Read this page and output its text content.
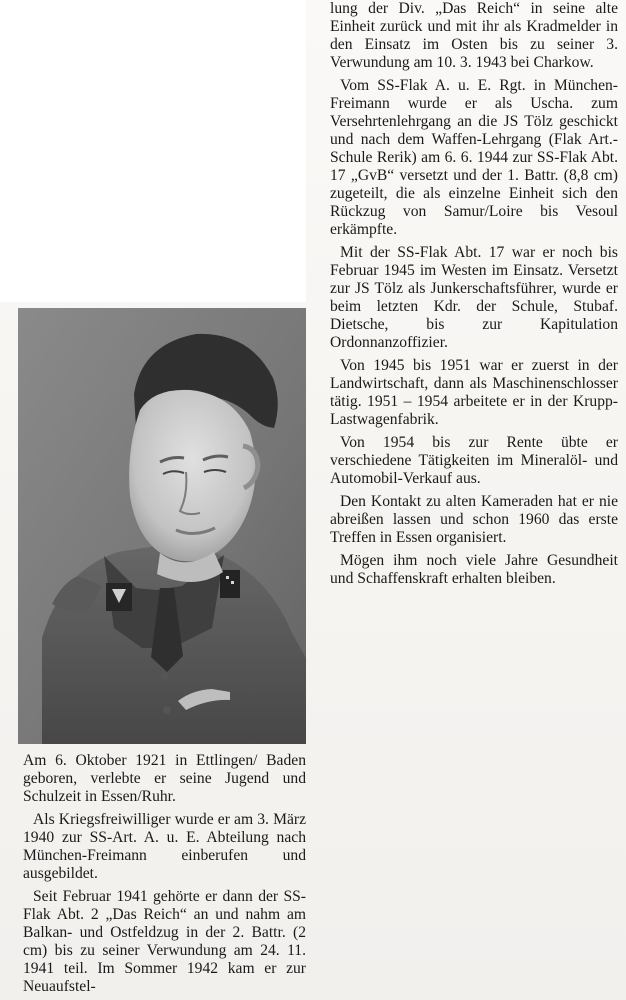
Am 6. Oktober 1921 in Ettlingen/ Baden geboren, verlebte er seine Jugend und Schulzeit in Essen/Ruhr.

Als Kriegsfreiwilliger wurde er am 3. März 1940 zur SS-Art. A. u. E. Abteilung nach München-Freimann einberufen und ausgebildet.

Seit Februar 1941 gehörte er dann der SS-Flak Abt. 2 „Das Reich“ an und nahm am Balkan- und Ostfeldzug in der 2. Battr. (2 cm) bis zu seiner Verwundung am 24. 11. 1941 teil. Im Sommer 1942 kam er zur Neuaufstel-

lung der Div. „Das Reich“ in seine alte Einheit zurück und mit ihr als Kradmelder in den Einsatz im Osten bis zu seiner 3. Verwundung am 10. 3. 1943 bei Charkow.

Vom SS-Flak A. u. E. Rgt. in München-Freimann wurde er als Uscha. zum Versehrtenlehrgang an die JS Tölz geschickt und nach dem Waffen-Lehrgang (Flak Art.-Schule Rerik) am 6. 6. 1944 zur SS-Flak Abt. 17 „GvB“ versetzt und der 1. Battr. (8,8 cm) zugeteilt, die als einzelne Einheit sich den Rückzug von Samur/Loire bis Vesoul erkämpfte.

Mit der SS-Flak Abt. 17 war er noch bis Februar 1945 im Westen im Einsatz. Versetzt zur JS Tölz als Junkerschaftsführer, wurde er beim letzten Kdr. der Schule, Stubaf. Dietsche, bis zur Kapitulation Ordonnanzoffizier.

Von 1945 bis 1951 war er zuerst in der Landwirtschaft, dann als Maschinenschlosser tätig. 1951 – 1954 arbeitete er in der Krupp-Lastwagenfabrik.

Von 1954 bis zur Rente übte er verschiedene Tätigkeiten im Mineralöl- und Automobil-Verkauf aus.

Den Kontakt zu alten Kameraden hat er nie abreißen lassen und schon 1960 das erste Treffen in Essen organisiert.

Mögen ihm noch viele Jahre Gesundheit und Schaffenskraft erhalten bleiben.
